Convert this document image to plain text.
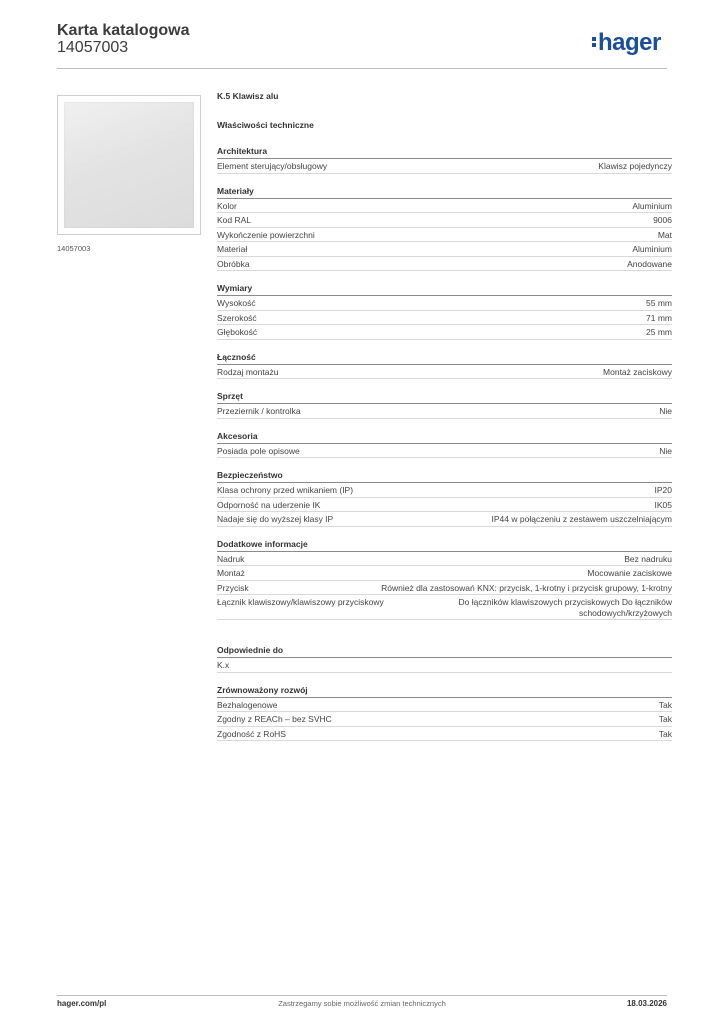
Karta katalogowa
14057003	hager
14057003
K.5 Klawisz alu
Właściwości techniczne
Architektura
Element sterujący/obsługowy	Klawisz pojedynczy
Materiały
Kolor	Aluminium
Kod RAL	9006
Wykończenie powierzchni	Mat
Materiał	Aluminium
Obróbka	Anodowane
Wymiary
Wysokość	55 mm
Szerokość	71 mm
Głębokość	25 mm
Łączność
Rodzaj montażu	Montaż zaciskowy
Sprzęt
Przeziernik / kontrolka	Nie
Akcesoria
Posiada pole opisowe	Nie
Bezpieczeństwo
Klasa ochrony przed wnikaniem (IP)	IP20
Odporność na uderzenie IK	IK05
Nadaje się do wyższej klasy IP	IP44 w połączeniu z zestawem uszczelniającym
Dodatkowe informacje
Nadruk	Bez nadruku
Montaż	Mocowanie zaciskowe
Przycisk	Również dla zastosowań KNX: przycisk, 1-krotny i przycisk grupowy, 1-krotny
Łącznik klawiszowy/klawiszowy przyciskowy	Do łączników klawiszowych przyciskowych Do łączników schodowych/krzyżowych
Odpowiednie do
K.x
Zrównoważony rozwój
Bezhalogenowe	Tak
Zgodny z REACh – bez SVHC	Tak
Zgodność z RoHS	Tak
hager.com/pl	Zastrzegamy sobie możliwość zmian technicznych	18.03.2026
